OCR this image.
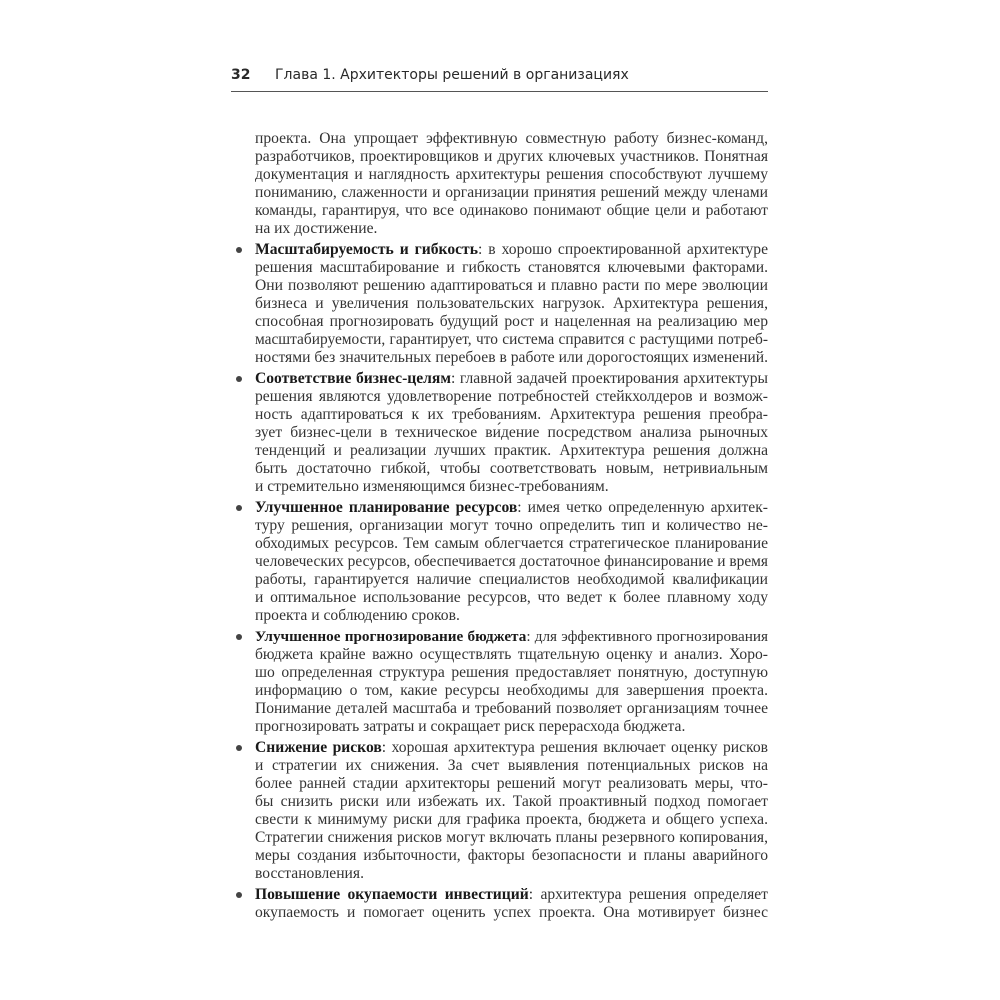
32 Глава 1. Архитекторы решений в организациях
проекта. Она упрощает эффективную совместную работу бизнес-команд,
разработчиков, проектировщиков и других ключевых участников. Понятная
документация и наглядность архитектуры решения способствуют лучшему
пониманию, слаженности и организации принятия решений между членами
команды, гарантируя, что все одинаково понимают общие цели и работают
на их достижение.
Масштабируемость и гибкость: в хорошо спроектированной архитектуре
решения масштабирование и гибкость становятся ключевыми факторами.
Они позволяют решению адаптироваться и плавно расти по мере эволюции
бизнеса и увеличения пользовательских нагрузок. Архитектура решения,
способная прогнозировать будущий рост и нацеленная на реализацию мер
масштабируемости, гарантирует, что система справится с растущими потреб-
ностями без значительных перебоев в работе или дорогостоящих изменений.
Соответствие бизнес-целям: главной задачей проектирования архитектуры
решения являются удовлетворение потребностей стейкхолдеров и возмож-
ность адаптироваться к их требованиям. Архитектура решения преобра-
зует бизнес-цели в техническое ви́дение посредством анализа рыночных
тенденций и реализации лучших практик. Архитектура решения должна
быть достаточно гибкой, чтобы соответствовать новым, нетривиальным
и стремительно изменяющимся бизнес-требованиям.
Улучшенное планирование ресурсов: имея четко определенную архитек-
туру решения, организации могут точно определить тип и количество не-
обходимых ресурсов. Тем самым облегчается стратегическое планирование
человеческих ресурсов, обеспечивается достаточное финансирование и время
работы, гарантируется наличие специалистов необходимой квалификации
и оптимальное использование ресурсов, что ведет к более плавному ходу
проекта и соблюдению сроков.
Улучшенное прогнозирование бюджета: для эффективного прогнозирования
бюджета крайне важно осуществлять тщательную оценку и анализ. Хоро-
шо определенная структура решения предоставляет понятную, доступную
информацию о том, какие ресурсы необходимы для завершения проекта.
Понимание деталей масштаба и требований позволяет организациям точнее
прогнозировать затраты и сокращает риск перерасхода бюджета.
Снижение рисков: хорошая архитектура решения включает оценку рисков
и стратегии их снижения. За счет выявления потенциальных рисков на
более ранней стадии архитекторы решений могут реализовать меры, что-
бы снизить риски или избежать их. Такой проактивный подход помогает
свести к минимуму риски для графика проекта, бюджета и общего успеха.
Стратегии снижения рисков могут включать планы резервного копирования,
меры создания избыточности, факторы безопасности и планы аварийного
восстановления.
Повышение окупаемости инвестиций: архитектура решения определяет
окупаемость и помогает оценить успех проекта. Она мотивирует бизнес
